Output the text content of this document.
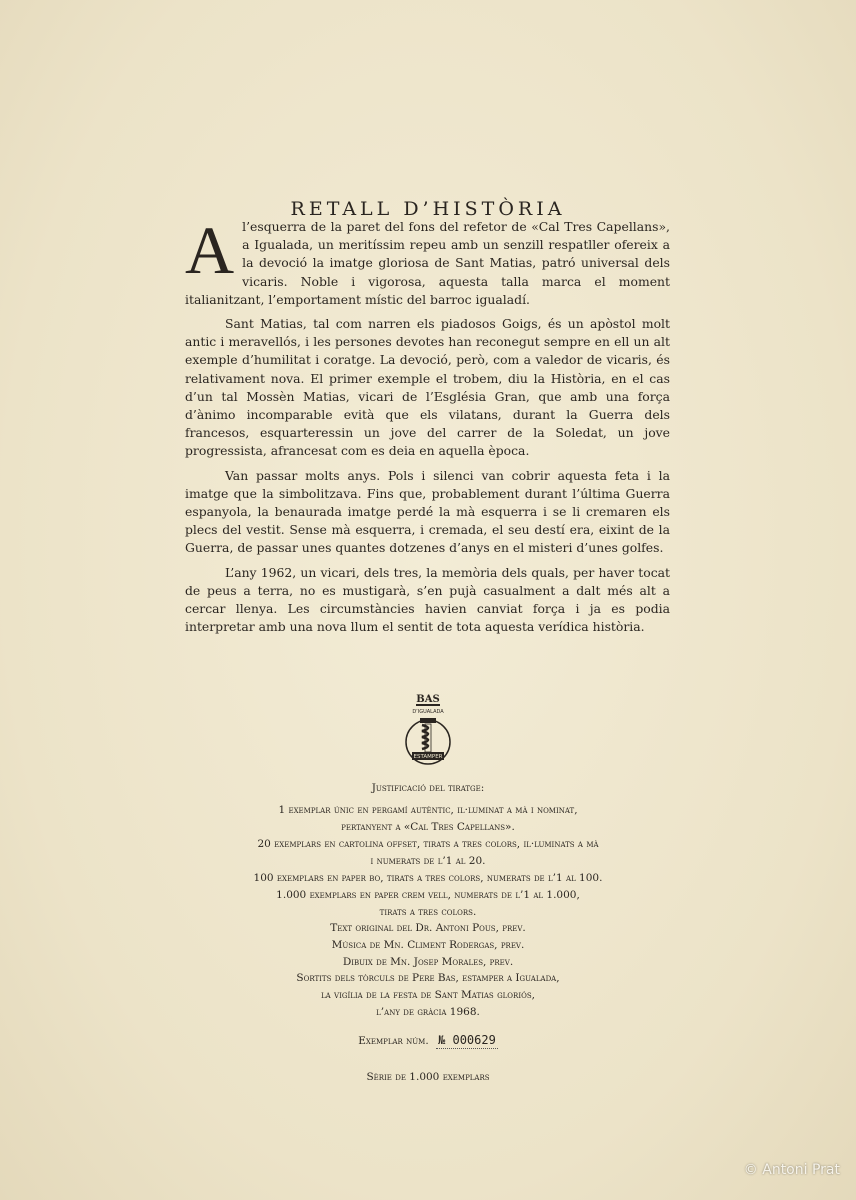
RETALL D’HISTÒRIA

Al’esquerra de la paret del fons del refetor de «Cal Tres Capellans», a Igualada, un meritíssim repeu amb un senzill respatller ofereix a la devoció la imatge gloriosa de Sant Matias, patró universal dels vicaris. Noble i vigorosa, aquesta talla marca el moment italianitzant, l’emportament místic del barroc igualadí.

Sant Matias, tal com narren els piadosos Goigs, és un apòstol molt antic i meravellós, i les persones devotes han reconegut sempre en ell un alt exemple d’humilitat i coratge. La devoció, però, com a valedor de vicaris, és relativament nova. El primer exemple el trobem, diu la Història, en el cas d’un tal Mossèn Matias, vicari de l’Església Gran, que amb una força d’ànimo incomparable evità que els vilatans, durant la Guerra dels francesos, esquarteressin un jove del carrer de la Soledat, un jove progressista, afrancesat com es deia en aquella època.

Van passar molts anys. Pols i silenci van cobrir aquesta feta i la imatge que la simbolitzava. Fins que, probablement durant l’última Guerra espanyola, la benaurada imatge perdé la mà esquerra i se li cremaren els plecs del vestit. Sense mà esquerra, i cremada, el seu destí era, eixint de la Guerra, de passar unes quantes dotzenes d’anys en el misteri d’unes golfes.

L’any 1962, un vicari, dels tres, la memòria dels quals, per haver tocat de peus a terra, no es mustigarà, s’en pujà casualment a dalt més alt a cercar llenya. Les circumstàncies havien canviat força i ja es podia interpretar amb una nova llum el sentit de tota aquesta verídica història.

BAS
D’IGUALADA
ESTAMPER
Justificació del tiratge:
1 exemplar únic en pergamí autèntic, il·luminat a mà i nominat,
pertanyent a «Cal Tres Capellans».
20 exemplars en cartolina offset, tirats a tres colors, il·luminats a mà
i numerats de l’1 al 20.
100 exemplars en paper bo, tirats a tres colors, numerats de l’1 al 100.
1.000 exemplars en paper crem vell, numerats de l’1 al 1.000,
tirats a tres colors.
Text original del Dr. Antoni Pous, prev.
Música de Mn. Climent Rodergas, prev.
Dibuix de Mn. Josep Morales, prev.
Sortits dels tòrculs de Pere Bas, estamper a Igualada,
la vigília de la festa de Sant Matias gloriós,
l’any de gràcia 1968.
Exemplar núm. № 000629
Sèrie de 1.000 exemplars
© Antoni Prat
